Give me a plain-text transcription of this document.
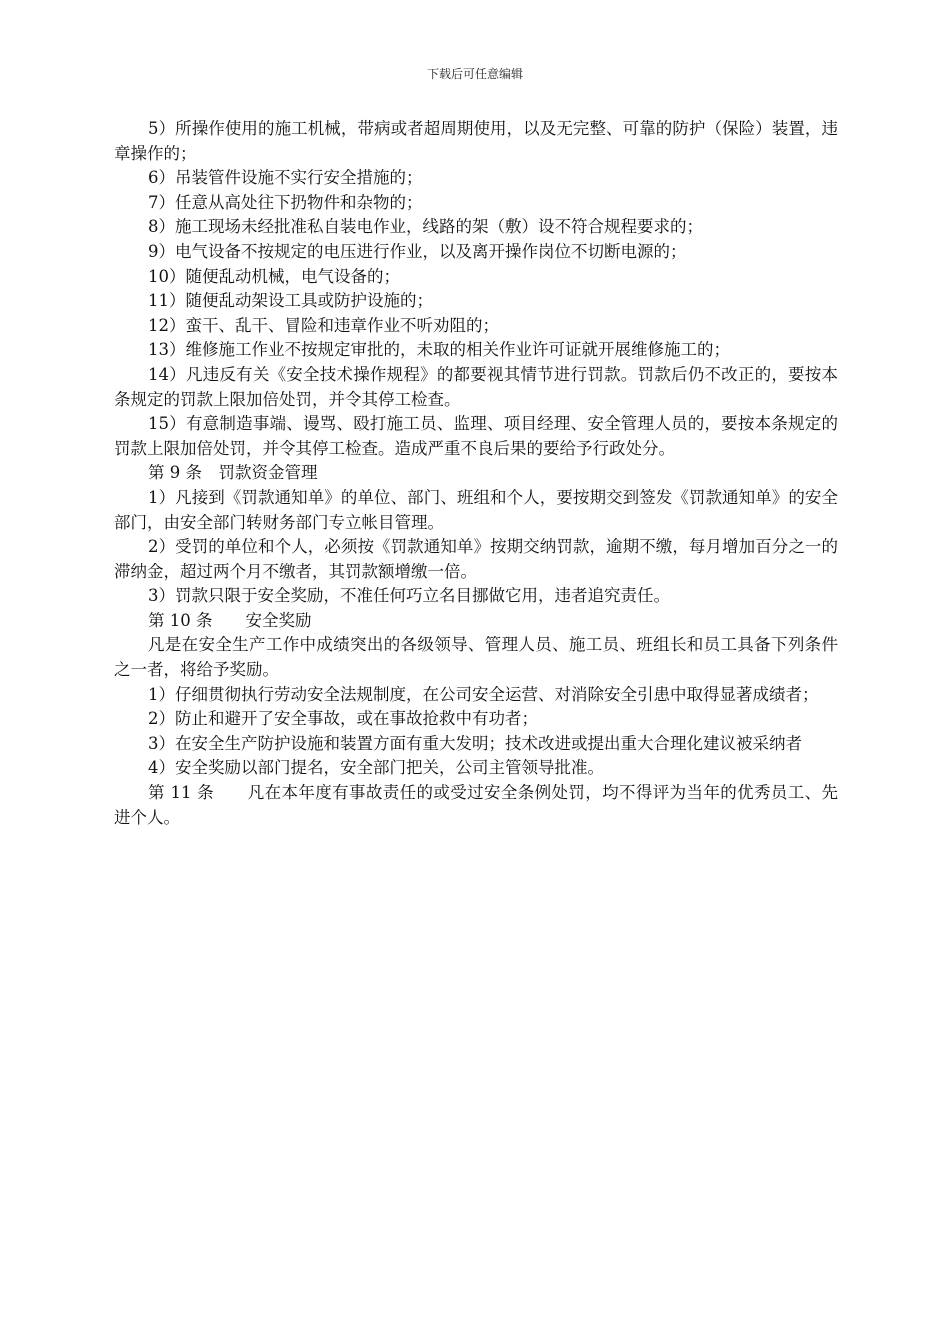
下载后可任意编辑

5）所操作使用的施工机械，带病或者超周期使用，以及无完整、可靠的防护（保险）装置，违章操作的；

6）吊装管件设施不实行安全措施的；

7）任意从高处往下扔物件和杂物的；

8）施工现场未经批准私自装电作业，线路的架（敷）设不符合规程要求的；

9）电气设备不按规定的电压进行作业，以及离开操作岗位不切断电源的；

10）随便乱动机械，电气设备的；

11）随便乱动架设工具或防护设施的；

12）蛮干、乱干、冒险和违章作业不听劝阻的；

13）维修施工作业不按规定审批的，未取的相关作业许可证就开展维修施工的；

14）凡违反有关《安全技术操作规程》的都要视其情节进行罚款。罚款后仍不改正的，要按本条规定的罚款上限加倍处罚，并令其停工检查。

15）有意制造事端、谩骂、殴打施工员、监理、项目经理、安全管理人员的，要按本条规定的罚款上限加倍处罚，并令其停工检查。造成严重不良后果的要给予行政处分。

第 9 条　罚款资金管理

1）凡接到《罚款通知单》的单位、部门、班组和个人，要按期交到签发《罚款通知单》的安全部门，由安全部门转财务部门专立帐目管理。

2）受罚的单位和个人，必须按《罚款通知单》按期交纳罚款，逾期不缴，每月增加百分之一的滞纳金，超过两个月不缴者，其罚款额增缴一倍。

3）罚款只限于安全奖励，不准任何巧立名目挪做它用，违者追究责任。

第 10 条　　安全奖励

凡是在安全生产工作中成绩突出的各级领导、管理人员、施工员、班组长和员工具备下列条件之一者，将给予奖励。

1）仔细贯彻执行劳动安全法规制度，在公司安全运营、对消除安全引患中取得显著成绩者；

2）防止和避开了安全事故，或在事故抢救中有功者；

3）在安全生产防护设施和装置方面有重大发明；技术改进或提出重大合理化建议被采纳者

4）安全奖励以部门提名，安全部门把关，公司主管领导批准。

第 11 条　　凡在本年度有事故责任的或受过安全条例处罚，均不得评为当年的优秀员工、先进个人。
